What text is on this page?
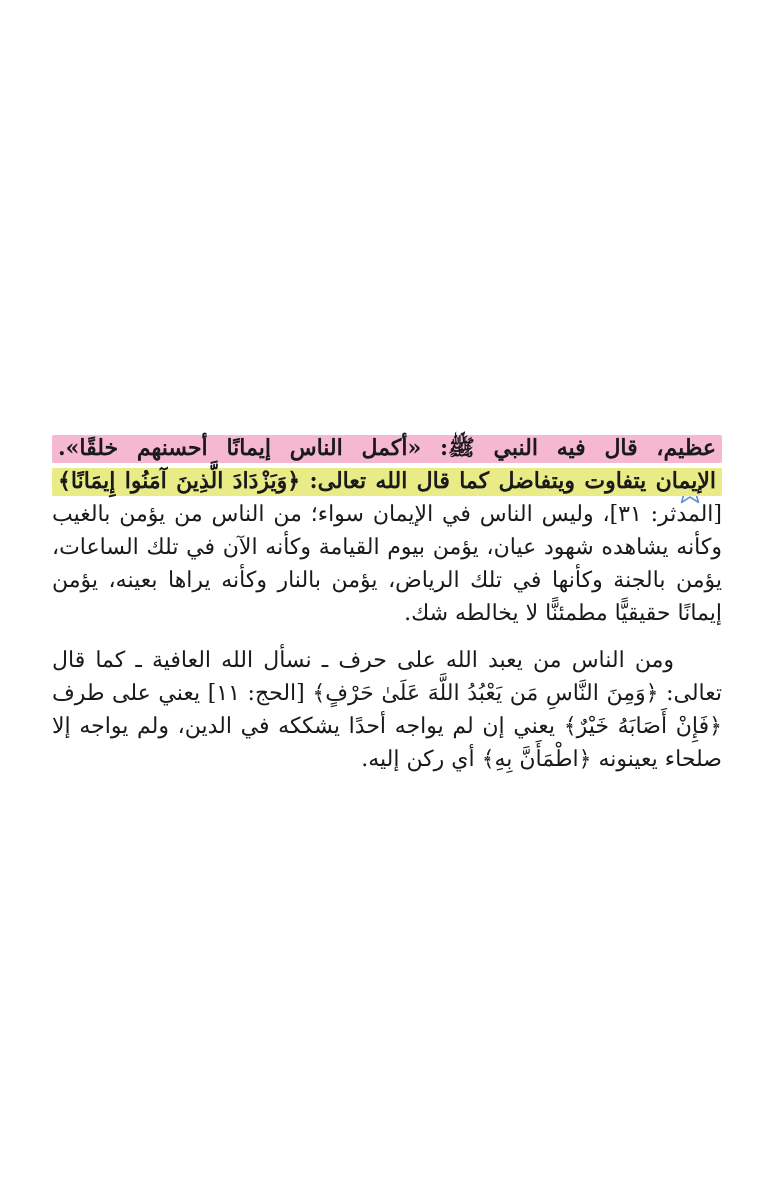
عظيم، قال فيه النبي ﷺ: «أكمل الناس إيمانًا أحسنهم خلقًا».
الإيمان يتفاوت ويتفاضل كما قال الله تعالى: ﴿وَيَزْدَادَ الَّذِينَ آمَنُوا إِيمَانًا﴾
[المدثر: ٣١]، وليس الناس في الإيمان سواء؛ من الناس من يؤمن بالغيب
وكأنه يشاهده شهود عيان، يؤمن بيوم القيامة وكأنه الآن في تلك الساعات،
يؤمن بالجنة وكأنها في تلك الرياض، يؤمن بالنار وكأنه يراها بعينه، يؤمن
إيمانًا حقيقيًّا مطمئنًّا لا يخالطه شك.
ومن الناس من يعبد الله على حرف ـ نسأل الله العافية ـ كما قال
تعالى: ﴿وَمِنَ النَّاسِ مَن يَعْبُدُ اللَّهَ عَلَىٰ حَرْفٍ﴾ [الحج: ١١] يعني على طرف
﴿فَإِنْ أَصَابَهُ خَيْرٌ﴾ يعني إن لم يواجه أحدًا يشككه في الدين، ولم يواجه إلا
صلحاء يعينونه ﴿اطْمَأَنَّ بِهِ﴾ أي ركن إليه.
